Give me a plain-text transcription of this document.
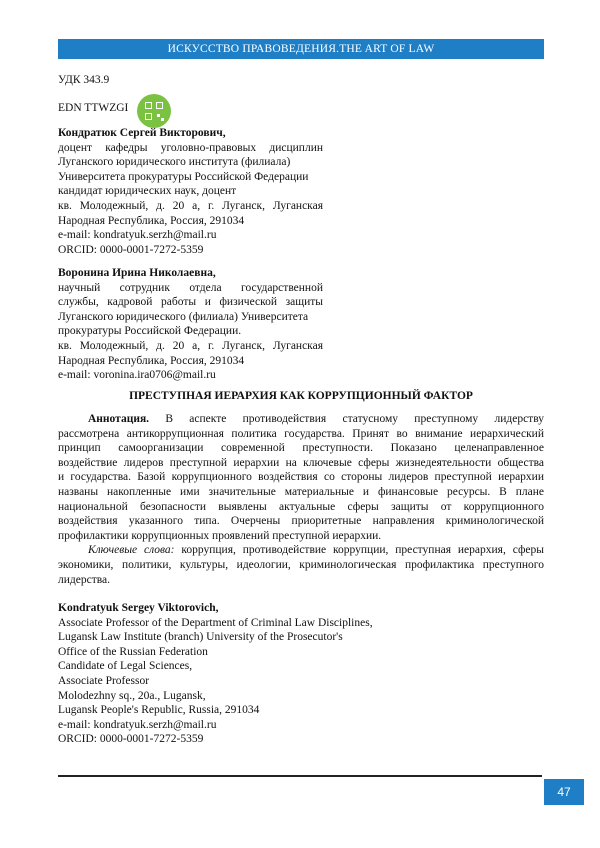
ИСКУССТВО ПРАВОВЕДЕНИЯ.THE ART OF LAW
УДК 343.9
EDN TTWZGI
Кондратюк Сергей Викторович,
доцент кафедры уголовно-правовых дисциплин
Луганского юридического института (филиала)
Университета прокуратуры Российской Федерации
кандидат юридических наук, доцент
кв. Молодежный, д. 20 а, г. Луганск, Луганская
Народная Республика, Россия, 291034
e-mail: kondratyuk.serzh@mail.ru
ORCID: 0000-0001-7272-5359
Воронина Ирина Николаевна,
научный сотрудник отдела государственной
службы, кадровой работы и физической защиты
Луганского юридического (филиала) Университета
прокуратуры Российской Федерации.
кв. Молодежный, д. 20 а, г. Луганск, Луганская
Народная Республика, Россия, 291034
e-mail: voronina.ira0706@mail.ru
ПРЕСТУПНАЯ ИЕРАРХИЯ КАК КОРРУПЦИОННЫЙ ФАКТОР
Аннотация. В аспекте противодействия статусному преступному лидерству
рассмотрена антикоррупционная политика государства. Принят во внимание иерархический
принцип самоорганизации современной преступности. Показано целенаправленное
воздействие лидеров преступной иерархии на ключевые сферы жизнедеятельности общества
и государства. Базой коррупционного воздействия со стороны лидеров преступной иерархии
названы накопленные ими значительные материальные и финансовые ресурсы. В плане
национальной безопасности выявлены актуальные сферы защиты от коррупционного
воздействия указанного типа. Очерчены приоритетные направления криминологической
профилактики коррупционных проявлений преступной иерархии.
Ключевые слова: коррупция, противодействие коррупции, преступная иерархия, сферы
экономики, политики, культуры, идеологии, криминологическая профилактика преступного
лидерства.
Kondratyuk Sergey Viktorovich,
Associate Professor of the Department of Criminal Law Disciplines,
Lugansk Law Institute (branch) University of the Prosecutor's
Office of the Russian Federation
Candidate of Legal Sciences,
Associate Professor
Molodezhny sq., 20a., Lugansk,
Lugansk People's Republic, Russia, 291034
e-mail: kondratyuk.serzh@mail.ru
ORCID: 0000-0001-7272-5359
47
